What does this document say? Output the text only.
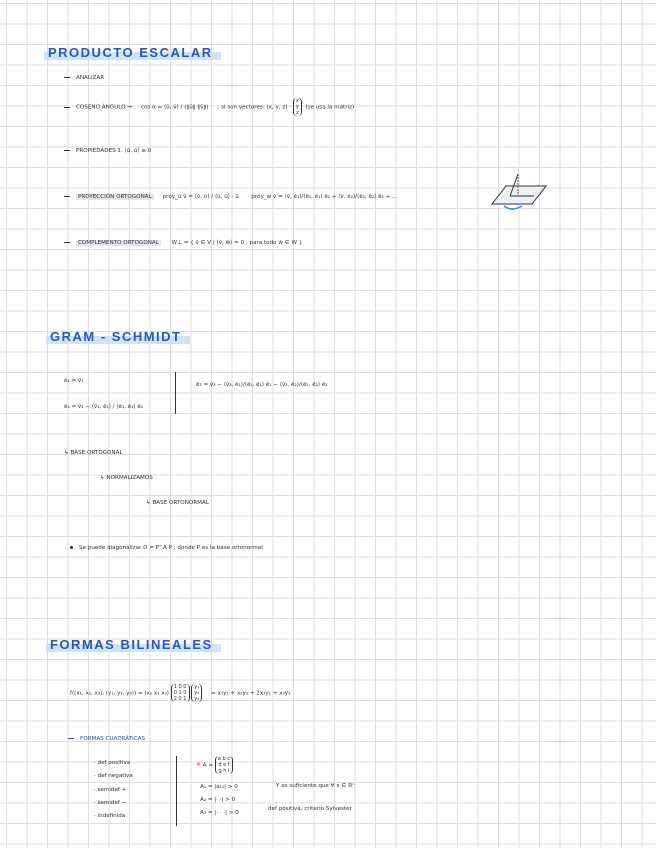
PRODUCTO ESCALAR
ANALIZAR
COSENO ÁNGULO → cos α = ⟨ū, v̄⟩ / (‖ū‖ ‖v̄‖) ; si son vectores: (x, y, z) · x
y
z  (se usa la matriz)
PROPIEDADES 1. ⟨ū, ū⟩ ≥ 0
PROYECCIÓN ORTOGONAL proy_ū v̄ = ⟨v̄, ū⟩ / ⟨ū, ū⟩ · ū proy_w v̄ = ⟨v̄, ē₁⟩/⟨ē₁, ē₁⟩ ē₁ + ⟨v̄, ē₂⟩/⟨ē₂, ē₂⟩ ē₂ + ...
COMPLEMENTO ORTOGONAL W⊥ = { v̄ ∈ V | ⟨v̄, w̄⟩ = 0 , para todo w̄ ∈ W }
GRAM - SCHMIDT
ē₁ = v̄₁
ē₂ = v̄₂ − ⟨v̄₂, ē₁⟩ / ⟨ē₁, ē₁⟩ ē₁
ē₃ = v̄₃ − ⟨v̄₃, ē₁⟩/⟨ē₁, ē₁⟩ ē₁ − ⟨v̄₃, ē₂⟩/⟨ē₂, ē₂⟩ ē₂
↳ BASE ORTOGONAL
↳ NORMALIZAMOS
↳ BASE ORTONORMAL
Se puede diagonalizar D = Pᵀ A P ; donde P es la base ortonormal
FORMAS BILINEALES
f((x₁, x₂, x₃), (y₁, y₂, y₃)) = (x₁ x₂ x₃) 1 0 0
0 1 0
2 0 1 y₁
y₂
y₃     = x₁y₁ + x₂y₂ + 2x₃y₁ + x₃y₃
FORMAS CUADRÁTICAS
· def positiva
· def negativa
· semidef +
· semidef −
· indefinida
♥ A = a b c
d e f
g h i
A₁ = |a₁₁| > 0
A₂ = |· ·| > 0
A₃ = |· · ·| > 0
Y es suficiente que ∀ x ∈ ℝⁿ
def positiva, criterio Sylvester
